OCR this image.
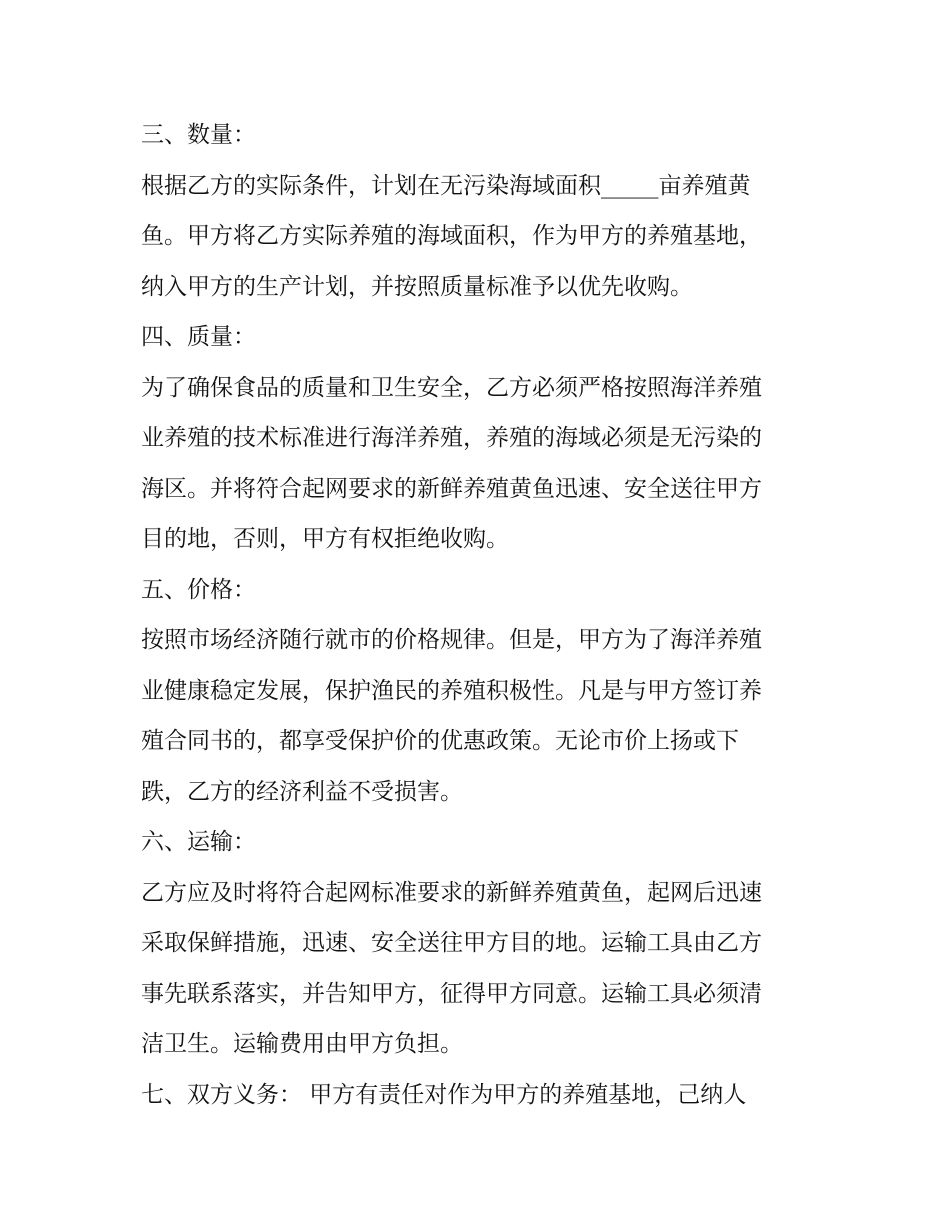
三、数量：
根据乙方的实际条件，计划在无污染海域面积_____亩养殖黄
鱼。甲方将乙方实际养殖的海域面积，作为甲方的养殖基地，
纳入甲方的生产计划，并按照质量标准予以优先收购。
四、质量：
为了确保食品的质量和卫生安全，乙方必须严格按照海洋养殖
业养殖的技术标准进行海洋养殖，养殖的海域必须是无污染的
海区。并将符合起网要求的新鲜养殖黄鱼迅速、安全送往甲方
目的地，否则，甲方有权拒绝收购。
五、价格：
按照市场经济随行就市的价格规律。但是，甲方为了海洋养殖
业健康稳定发展，保护渔民的养殖积极性。凡是与甲方签订养
殖合同书的，都享受保护价的优惠政策。无论市价上扬或下
跌，乙方的经济利益不受损害。
六、运输：
乙方应及时将符合起网标准要求的新鲜养殖黄鱼，起网后迅速
采取保鲜措施，迅速、安全送往甲方目的地。运输工具由乙方
事先联系落实，并告知甲方，征得甲方同意。运输工具必须清
洁卫生。运输费用由甲方负担。
七、双方义务： 甲方有责任对作为甲方的养殖基地，己纳人
